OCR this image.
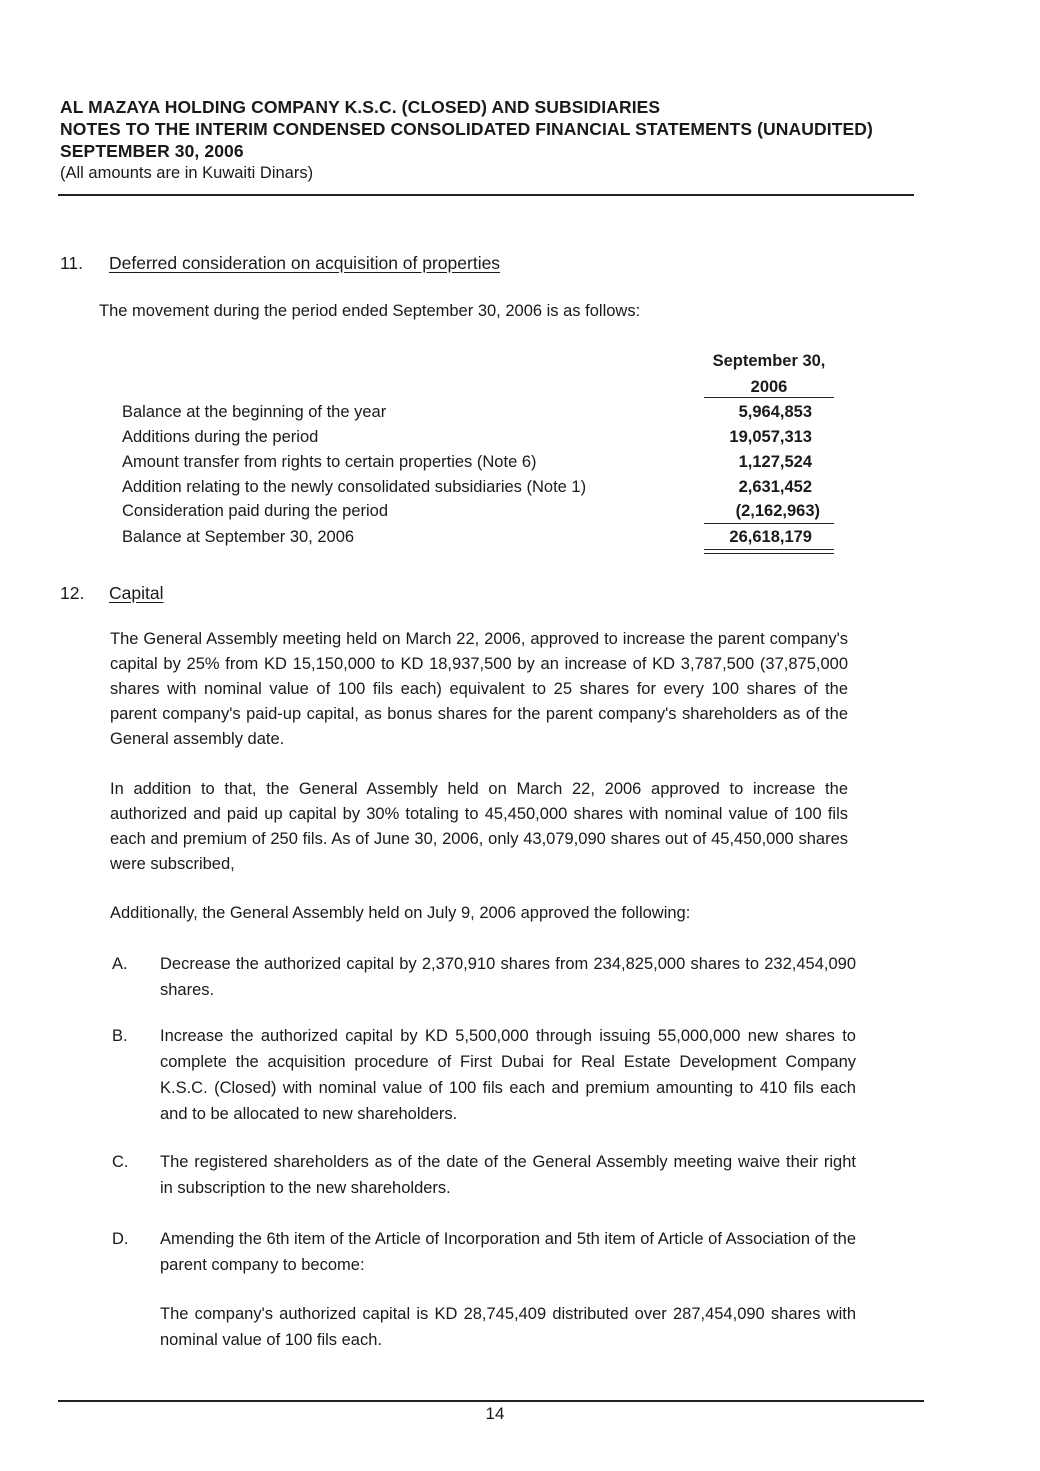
AL MAZAYA HOLDING COMPANY K.S.C. (CLOSED) AND SUBSIDIARIES
NOTES TO THE INTERIM CONDENSED CONSOLIDATED FINANCIAL STATEMENTS (UNAUDITED)
SEPTEMBER 30, 2006
(All amounts are in Kuwaiti Dinars)
11. Deferred consideration on acquisition of properties
The movement during the period ended September 30, 2006 is as follows:
September 30,
2006
Balance at the beginning of the year	5,964,853
Additions during the period	19,057,313
Amount transfer from rights to certain properties (Note 6)	1,127,524
Addition relating to the newly consolidated subsidiaries (Note 1)	2,631,452
Consideration paid during the period	(2,162,963)
Balance at September 30, 2006	26,618,179
12. Capital
The General Assembly meeting held on March 22, 2006, approved to increase the parent company's capital by 25% from KD 15,150,000 to KD 18,937,500 by an increase of KD 3,787,500 (37,875,000 shares with nominal value of 100 fils each) equivalent to 25 shares for every 100 shares of the parent company's paid-up capital, as bonus shares for the parent company's shareholders as of the General assembly date.
In addition to that, the General Assembly held on March 22, 2006 approved to increase the authorized and paid up capital by 30% totaling to 45,450,000 shares with nominal value of 100 fils each and premium of 250 fils. As of June 30, 2006, only 43,079,090 shares out of 45,450,000 shares were subscribed,
Additionally, the General Assembly held on July 9, 2006 approved the following:
A. Decrease the authorized capital by 2,370,910 shares from 234,825,000 shares to 232,454,090 shares.
B. Increase the authorized capital by KD 5,500,000 through issuing 55,000,000 new shares to complete the acquisition procedure of First Dubai for Real Estate Development Company K.S.C. (Closed) with nominal value of 100 fils each and premium amounting to 410 fils each and to be allocated to new shareholders.
C. The registered shareholders as of the date of the General Assembly meeting waive their right in subscription to the new shareholders.
D. Amending the 6th item of the Article of Incorporation and 5th item of Article of Association of the parent company to become:
The company's authorized capital is KD 28,745,409 distributed over 287,454,090 shares with nominal value of 100 fils each.
14
